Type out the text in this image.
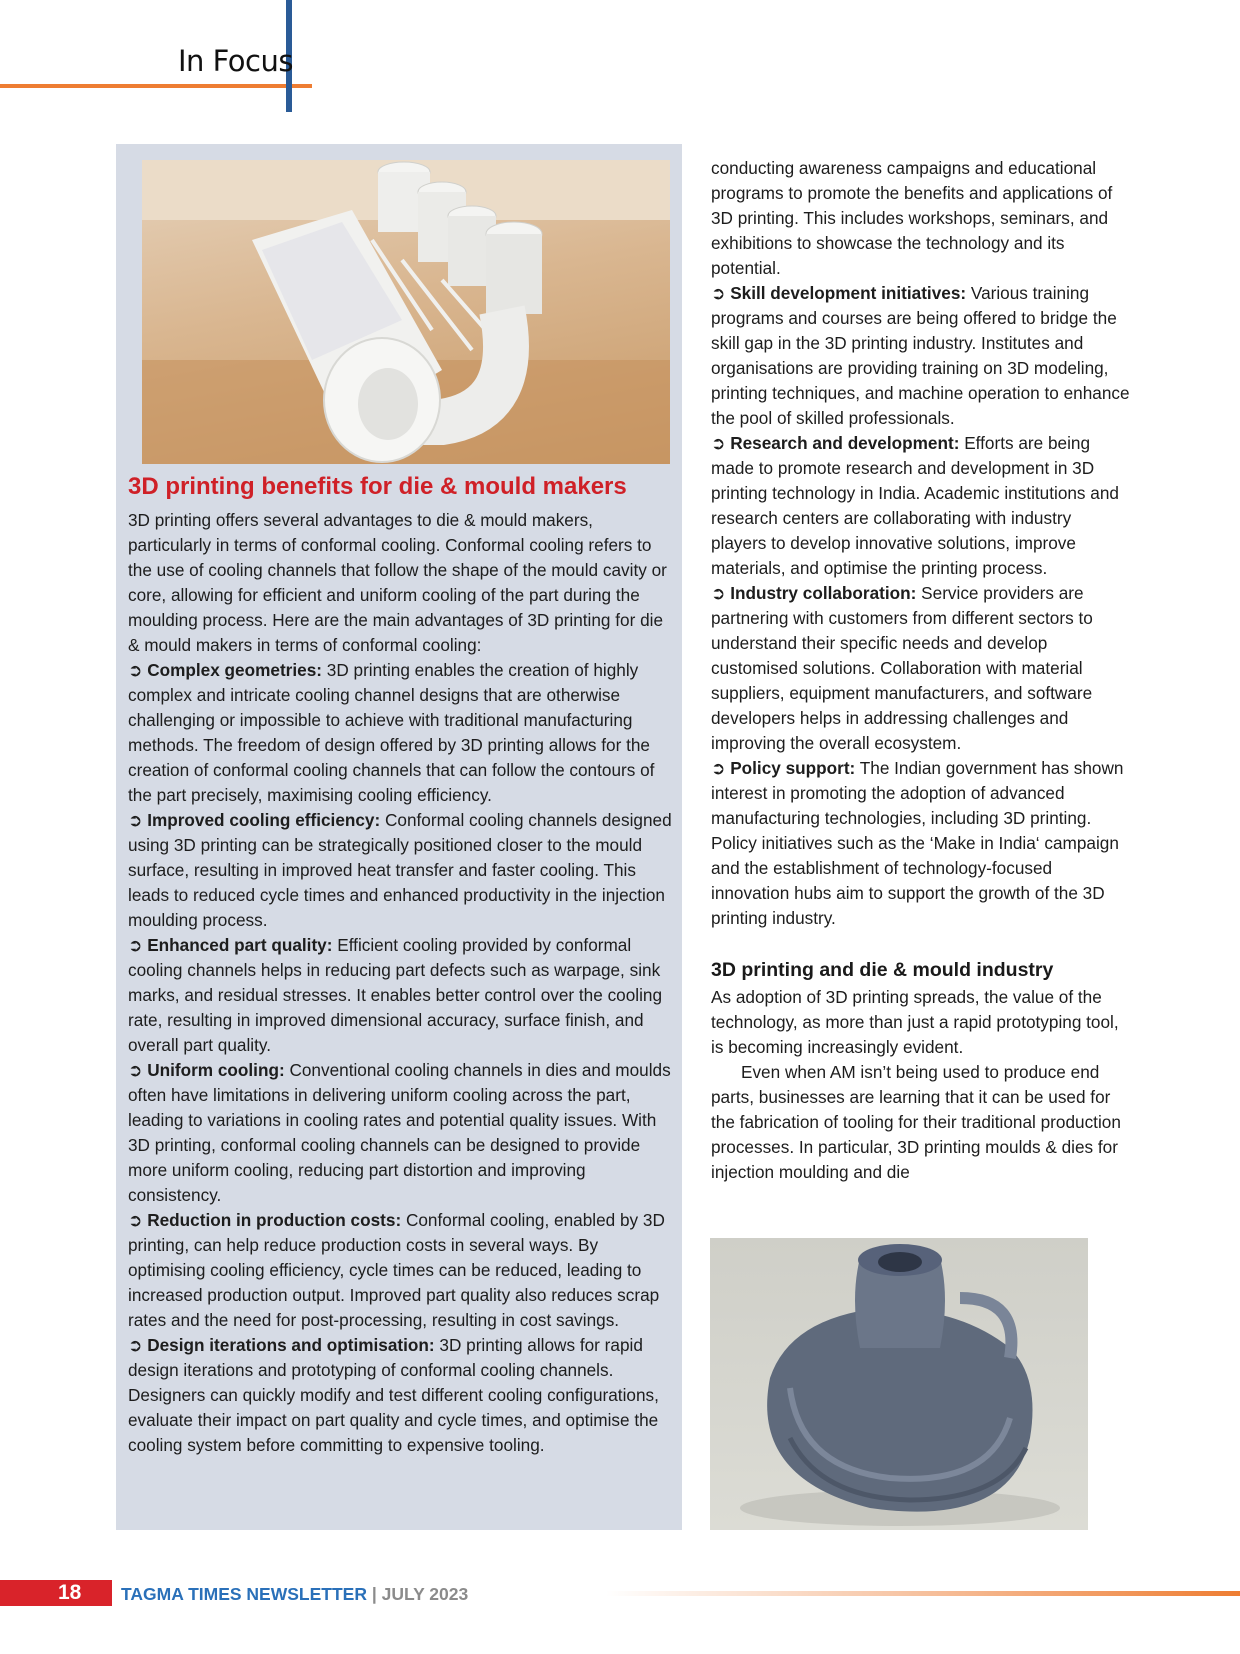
In Focus
3D printing benefits for die & mould makers

3D printing offers several advantages to die & mould makers, particularly in terms of conformal cooling. Conformal cooling refers to the use of cooling channels that follow the shape of the mould cavity or core, allowing for efficient and uniform cooling of the part during the moulding process. Here are the main advantages of 3D printing for die & mould makers in terms of conformal cooling:

➲ Complex geometries: 3D printing enables the creation of highly complex and intricate cooling channel designs that are otherwise challenging or impossible to achieve with traditional manufacturing methods. The freedom of design offered by 3D printing allows for the creation of conformal cooling channels that can follow the contours of the part precisely, maximising cooling efficiency.

➲ Improved cooling efficiency: Conformal cooling channels designed using 3D printing can be strategically positioned closer to the mould surface, resulting in improved heat transfer and faster cooling. This leads to reduced cycle times and enhanced productivity in the injection moulding process.

➲ Enhanced part quality: Efficient cooling provided by conformal cooling channels helps in reducing part defects such as warpage, sink marks, and residual stresses. It enables better control over the cooling rate, resulting in improved dimensional accuracy, surface finish, and overall part quality.

➲ Uniform cooling: Conventional cooling channels in dies and moulds often have limitations in delivering uniform cooling across the part, leading to variations in cooling rates and potential quality issues. With 3D printing, conformal cooling channels can be designed to provide more uniform cooling, reducing part distortion and improving consistency.

➲ Reduction in production costs: Conformal cooling, enabled by 3D printing, can help reduce production costs in several ways. By optimising cooling efficiency, cycle times can be reduced, leading to increased production output. Improved part quality also reduces scrap rates and the need for post-processing, resulting in cost savings.

➲ Design iterations and optimisation: 3D printing allows for rapid design iterations and prototyping of conformal cooling channels. Designers can quickly modify and test different cooling configurations, evaluate their impact on part quality and cycle times, and optimise the cooling system before committing to expensive tooling.

conducting awareness campaigns and educational programs to promote the benefits and applications of 3D printing. This includes workshops, seminars, and exhibitions to showcase the technology and its potential.

➲ Skill development initiatives: Various training programs and courses are being offered to bridge the skill gap in the 3D printing industry. Institutes and organisations are providing training on 3D modeling, printing techniques, and machine operation to enhance the pool of skilled professionals.

➲ Research and development: Efforts are being made to promote research and development in 3D printing technology in India. Academic institutions and research centers are collaborating with industry players to develop innovative solutions, improve materials, and optimise the printing process.

➲ Industry collaboration: Service providers are partnering with customers from different sectors to understand their specific needs and develop customised solutions. Collaboration with material suppliers, equipment manufacturers, and software developers helps in addressing challenges and improving the overall ecosystem.

➲ Policy support: The Indian government has shown interest in promoting the adoption of advanced manufacturing technologies, including 3D printing. Policy initiatives such as the ‘Make in India‘ campaign and the establishment of technology-focused innovation hubs aim to support the growth of the 3D printing industry.

3D printing and die & mould industry

As adoption of 3D printing spreads, the value of the technology, as more than just a rapid prototyping tool, is becoming increasingly evident.

Even when AM isn’t being used to produce end parts, businesses are learning that it can be used for the fabrication of tooling for their traditional production processes. In particular, 3D printing moulds & dies for injection moulding and die

18 TAGMA TIMES NEWSLETTER | JULY 2023
